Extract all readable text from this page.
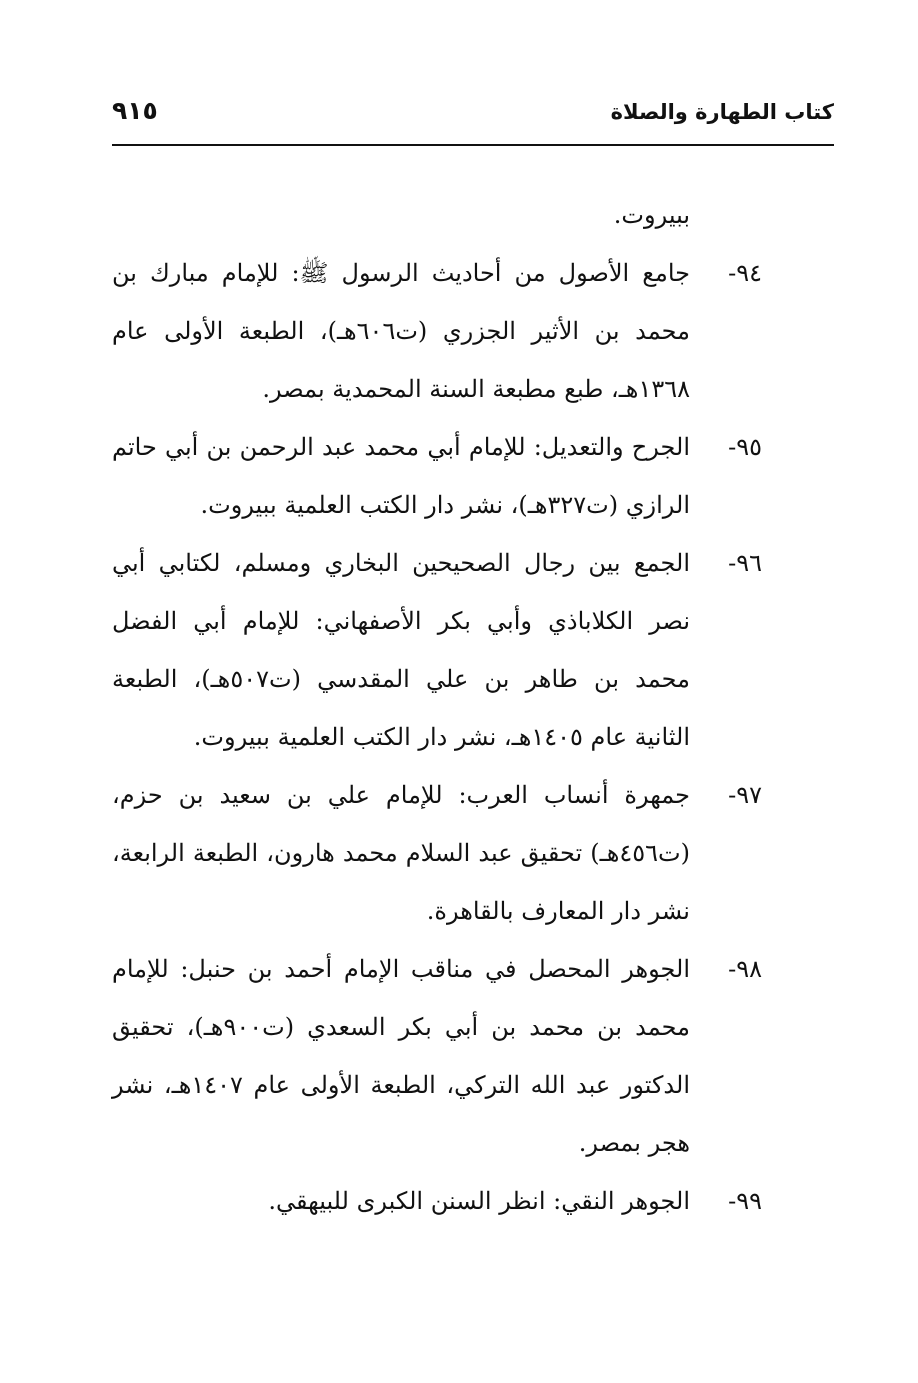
كتاب الطهارة والصلاة
٩١٥
ببيروت.
٩٤-
جامع الأصول من أحاديث الرسول ﷺ: للإمام مبارك بن محمد بن الأثير الجزري (ت٦٠٦هـ)، الطبعة الأولى عام ١٣٦٨هـ، طبع مطبعة السنة المحمدية بمصر.
٩٥-
الجرح والتعديل: للإمام أبي محمد عبد الرحمن بن أبي حاتم الرازي (ت٣٢٧هـ)، نشر دار الكتب العلمية ببيروت.
٩٦-
الجمع بين رجال الصحيحين البخاري ومسلم، لكتابي أبي نصر الكلاباذي وأبي بكر الأصفهاني: للإمام أبي الفضل محمد بن طاهر بن علي المقدسي (ت٥٠٧هـ)، الطبعة الثانية عام ١٤٠٥هـ، نشر دار الكتب العلمية ببيروت.
٩٧-
جمهرة أنساب العرب: للإمام علي بن سعيد بن حزم، (ت٤٥٦هـ) تحقيق عبد السلام محمد هارون، الطبعة الرابعة، نشر دار المعارف بالقاهرة.
٩٨-
الجوهر المحصل في مناقب الإمام أحمد بن حنبل: للإمام محمد بن محمد بن أبي بكر السعدي (ت٩٠٠هـ)، تحقيق الدكتور عبد الله التركي، الطبعة الأولى عام ١٤٠٧هـ، نشر هجر بمصر.
٩٩-
الجوهر النقي: انظر السنن الكبرى للبيهقي.
